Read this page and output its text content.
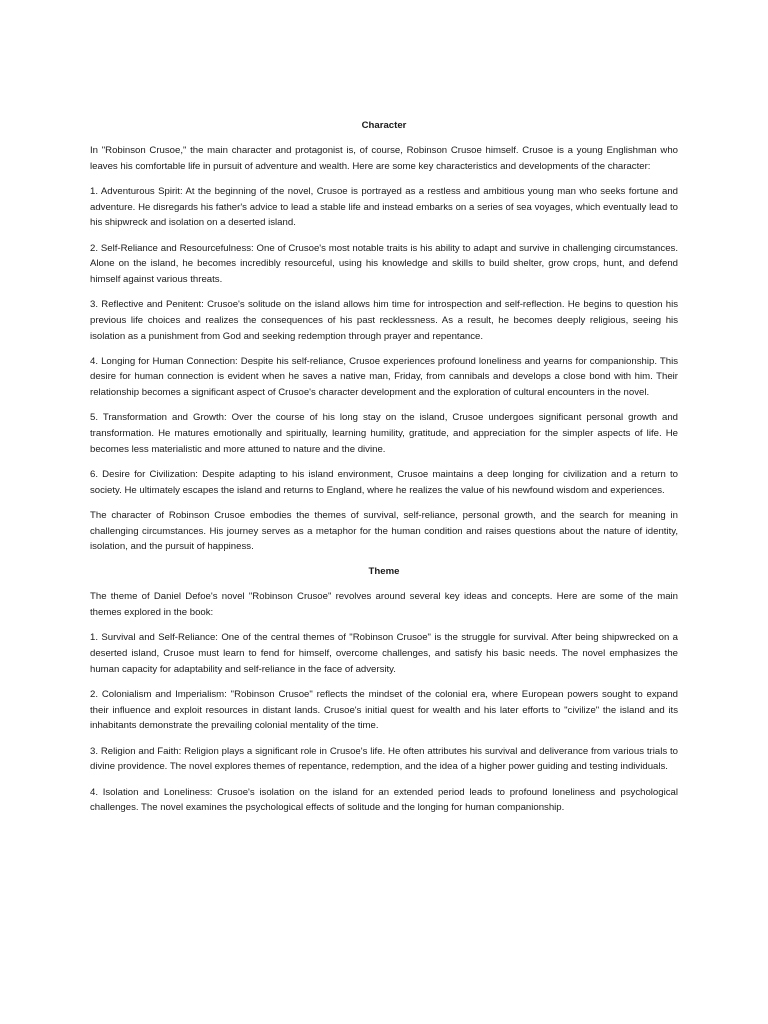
Character

In "Robinson Crusoe," the main character and protagonist is, of course, Robinson Crusoe himself. Crusoe is a young Englishman who leaves his comfortable life in pursuit of adventure and wealth. Here are some key characteristics and developments of the character:

1. Adventurous Spirit: At the beginning of the novel, Crusoe is portrayed as a restless and ambitious young man who seeks fortune and adventure. He disregards his father's advice to lead a stable life and instead embarks on a series of sea voyages, which eventually lead to his shipwreck and isolation on a deserted island.

2. Self-Reliance and Resourcefulness: One of Crusoe's most notable traits is his ability to adapt and survive in challenging circumstances. Alone on the island, he becomes incredibly resourceful, using his knowledge and skills to build shelter, grow crops, hunt, and defend himself against various threats.

3. Reflective and Penitent: Crusoe's solitude on the island allows him time for introspection and self-reflection. He begins to question his previous life choices and realizes the consequences of his past recklessness. As a result, he becomes deeply religious, seeing his isolation as a punishment from God and seeking redemption through prayer and repentance.

4. Longing for Human Connection: Despite his self-reliance, Crusoe experiences profound loneliness and yearns for companionship. This desire for human connection is evident when he saves a native man, Friday, from cannibals and develops a close bond with him. Their relationship becomes a significant aspect of Crusoe's character development and the exploration of cultural encounters in the novel.

5. Transformation and Growth: Over the course of his long stay on the island, Crusoe undergoes significant personal growth and transformation. He matures emotionally and spiritually, learning humility, gratitude, and appreciation for the simpler aspects of life. He becomes less materialistic and more attuned to nature and the divine.

6. Desire for Civilization: Despite adapting to his island environment, Crusoe maintains a deep longing for civilization and a return to society. He ultimately escapes the island and returns to England, where he realizes the value of his newfound wisdom and experiences.

The character of Robinson Crusoe embodies the themes of survival, self-reliance, personal growth, and the search for meaning in challenging circumstances. His journey serves as a metaphor for the human condition and raises questions about the nature of identity, isolation, and the pursuit of happiness.

Theme

The theme of Daniel Defoe's novel "Robinson Crusoe" revolves around several key ideas and concepts. Here are some of the main themes explored in the book:

1. Survival and Self-Reliance: One of the central themes of "Robinson Crusoe" is the struggle for survival. After being shipwrecked on a deserted island, Crusoe must learn to fend for himself, overcome challenges, and satisfy his basic needs. The novel emphasizes the human capacity for adaptability and self-reliance in the face of adversity.

2. Colonialism and Imperialism: "Robinson Crusoe" reflects the mindset of the colonial era, where European powers sought to expand their influence and exploit resources in distant lands. Crusoe's initial quest for wealth and his later efforts to "civilize" the island and its inhabitants demonstrate the prevailing colonial mentality of the time.

3. Religion and Faith: Religion plays a significant role in Crusoe's life. He often attributes his survival and deliverance from various trials to divine providence. The novel explores themes of repentance, redemption, and the idea of a higher power guiding and testing individuals.

4. Isolation and Loneliness: Crusoe's isolation on the island for an extended period leads to profound loneliness and psychological challenges. The novel examines the psychological effects of solitude and the longing for human companionship.
